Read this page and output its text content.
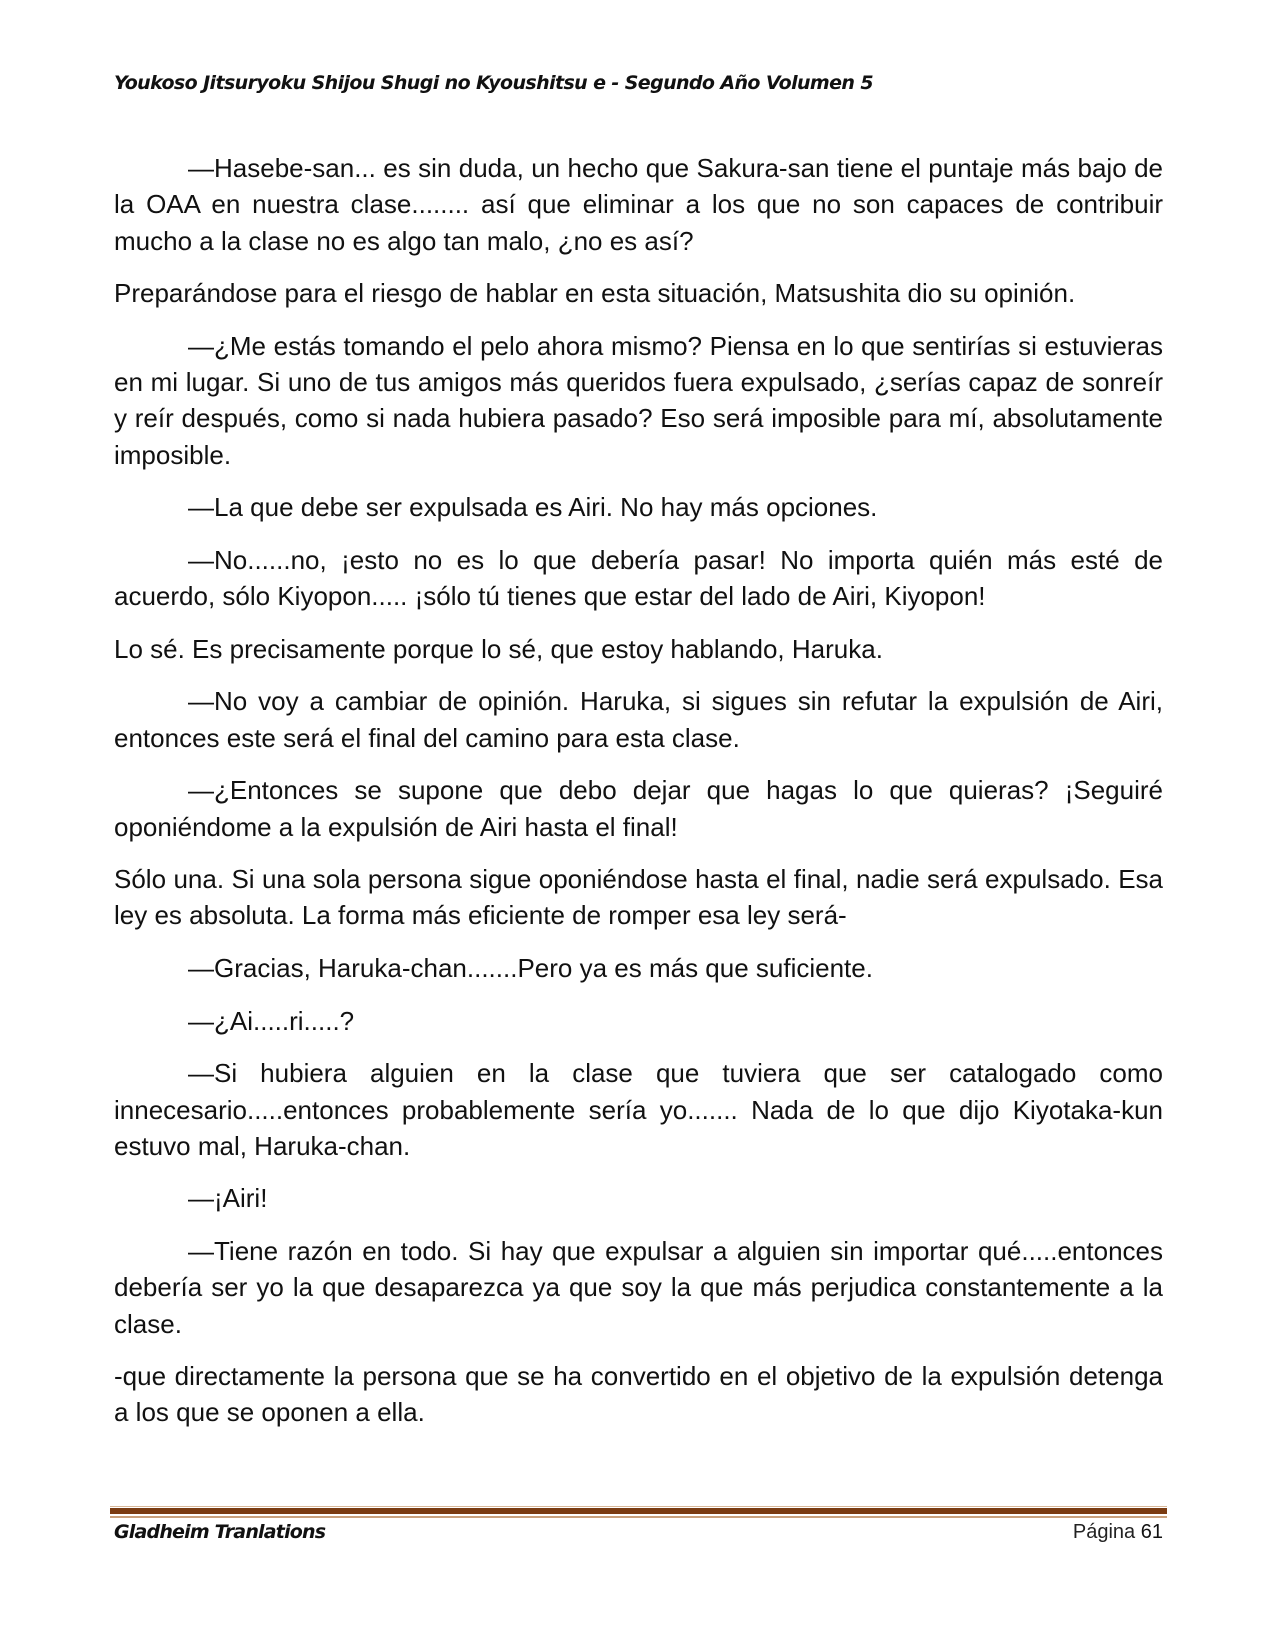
Youkoso Jitsuryoku Shijou Shugi no Kyoushitsu e - Segundo Año Volumen 5

—Hasebe-san... es sin duda, un hecho que Sakura-san tiene el puntaje más bajo de la OAA en nuestra clase........ así que eliminar a los que no son capaces de contribuir mucho a la clase no es algo tan malo, ¿no es así?

Preparándose para el riesgo de hablar en esta situación, Matsushita dio su opinión.

—¿Me estás tomando el pelo ahora mismo? Piensa en lo que sentirías si estuvieras en mi lugar. Si uno de tus amigos más queridos fuera expulsado, ¿serías capaz de sonreír y reír después, como si nada hubiera pasado? Eso será imposible para mí, absolutamente imposible.

—La que debe ser expulsada es Airi. No hay más opciones.

—No......no, ¡esto no es lo que debería pasar! No importa quién más esté de acuerdo, sólo Kiyopon..... ¡sólo tú tienes que estar del lado de Airi, Kiyopon!

Lo sé. Es precisamente porque lo sé, que estoy hablando, Haruka.

—No voy a cambiar de opinión. Haruka, si sigues sin refutar la expulsión de Airi, entonces este será el final del camino para esta clase.

—¿Entonces se supone que debo dejar que hagas lo que quieras? ¡Seguiré oponiéndome a la expulsión de Airi hasta el final!

Sólo una. Si una sola persona sigue oponiéndose hasta el final, nadie será expulsado. Esa ley es absoluta. La forma más eficiente de romper esa ley será-

—Gracias, Haruka-chan.......Pero ya es más que suficiente.

—¿Ai.....ri.....?

—Si hubiera alguien en la clase que tuviera que ser catalogado como innecesario.....entonces probablemente sería yo....... Nada de lo que dijo Kiyotaka-kun estuvo mal, Haruka-chan.

—¡Airi!

—Tiene razón en todo. Si hay que expulsar a alguien sin importar qué.....entonces debería ser yo la que desaparezca ya que soy la que más perjudica constantemente a la clase.

-que directamente la persona que se ha convertido en el objetivo de la expulsión detenga a los que se oponen a ella.

Gladheim Tranlations	Página 61
